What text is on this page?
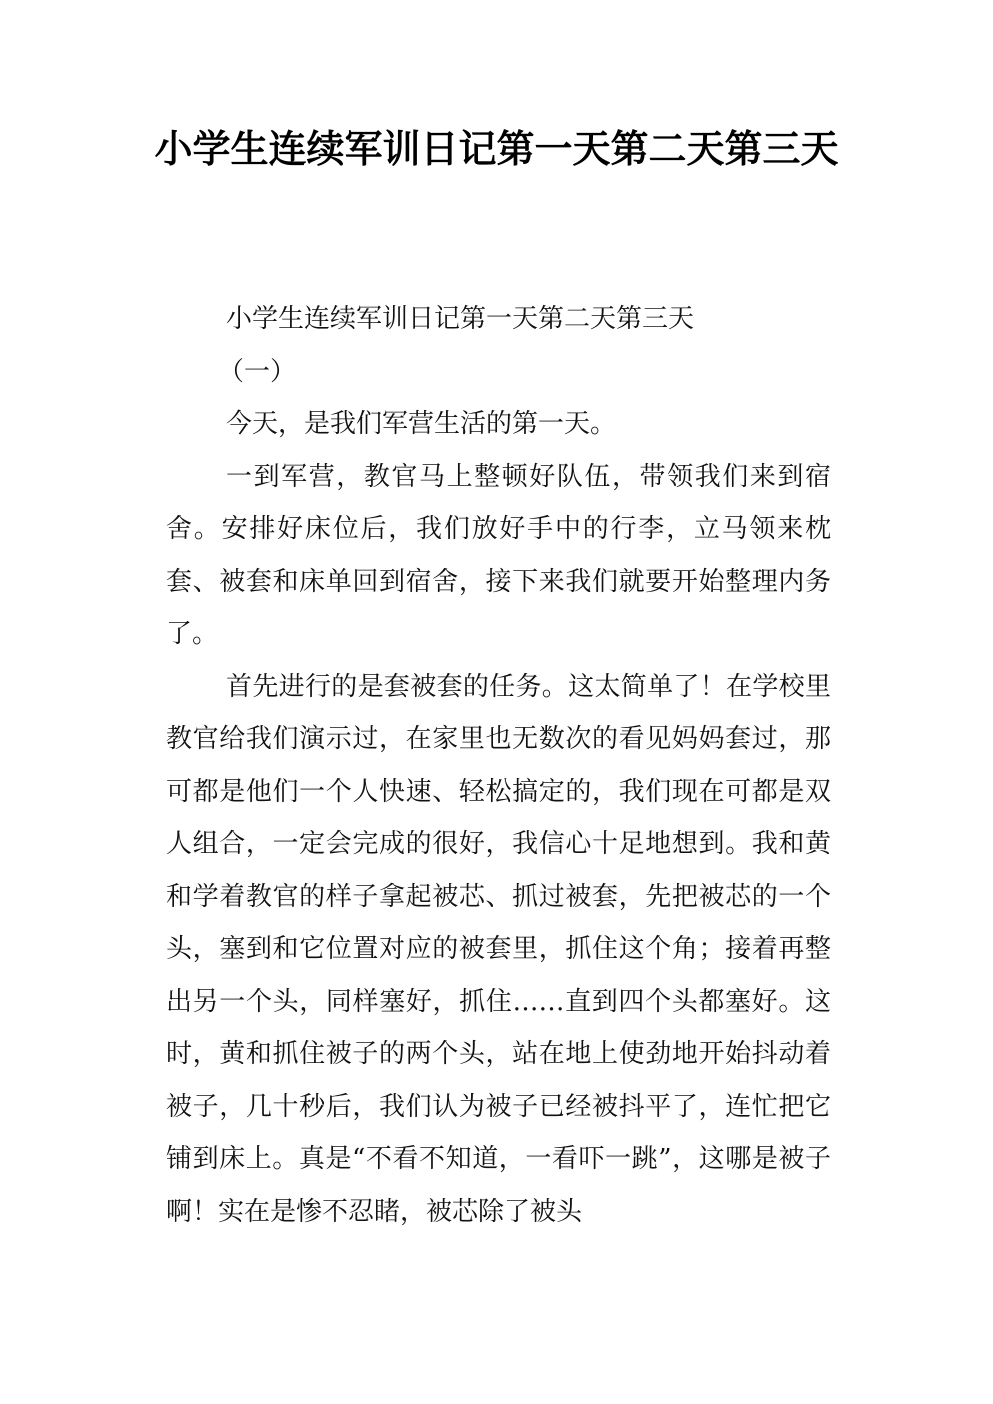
小学生连续军训日记第一天第二天第三天

小学生连续军训日记第一天第二天第三天

（一）

今天，是我们军营生活的第一天。

一到军营，教官马上整顿好队伍，带领我们来到宿舍。安排好床位后，我们放好手中的行李，立马领来枕套、被套和床单回到宿舍，接下来我们就要开始整理内务了。

首先进行的是套被套的任务。这太简单了！在学校里教官给我们演示过，在家里也无数次的看见妈妈套过，那可都是他们一个人快速、轻松搞定的，我们现在可都是双人组合，一定会完成的很好，我信心十足地想到。我和黄和学着教官的样子拿起被芯、抓过被套，先把被芯的一个头，塞到和它位置对应的被套里，抓住这个角；接着再整出另一个头，同样塞好，抓住……直到四个头都塞好。这时，黄和抓住被子的两个头，站在地上使劲地开始抖动着被子，几十秒后，我们认为被子已经被抖平了，连忙把它铺到床上。真是“不看不知道，一看吓一跳”，这哪是被子啊！实在是惨不忍睹，被芯除了被头
